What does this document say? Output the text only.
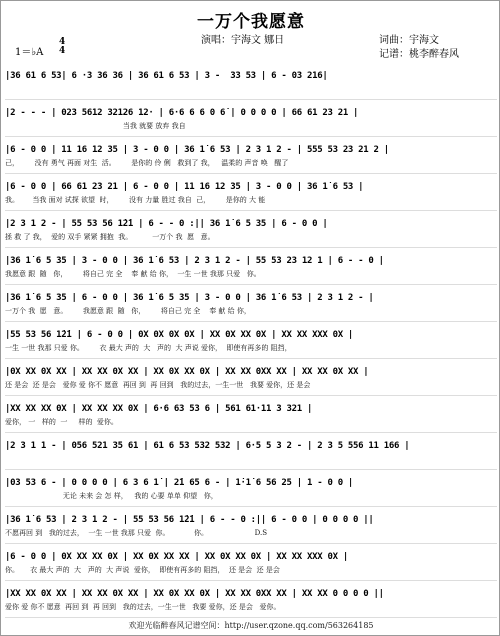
一万个我愿意
演唱：宇海文 娜日	词曲：宇海文
记谱：桃李醉春风
1＝♭A
4
4
|36 61 6 53| 6 ·3 36 36 | 36 61 6 53 | 3 -  33 53 | 6 - 03 216|
|2 - - - | 023 5612 32126 12· | 6·6 6 6 0 6̇ | 0 0 0 0 | 66 61 23 21 |
当我 就要 放弃 我自
|6 - 0 0 | 11 16 12 35 | 3 - 0 0 | 36 1̇ 6 53 | 2 3 1 2 - | 555 53 23 21 2 |
己，       没有 勇气 再面 对生  活。       是你的 伶 俐   救到了 我，   温柔的 声音 唤   醒了
|6 - 0 0 | 66 61 23 21 | 6 - 0 0 | 11 16 12 35 | 3 - 0 0 | 36 1̇ 6 53 |
我。      当我 面对 试探 欲望  时，       没有 力量 胜过 我自  己，       是你的 大 能
|2 3 1 2 - | 55 53 56 1̇2̇1 | 6 - - 0 :|| 36 1̇ 6 5 35 | 6 - 0 0 |
拯 救 了 我，  爱的 双手 紧紧 拥抱  我。         一万个 我  愿   意。
|36 1̇ 6 5 35 | 3 - 0 0 | 36 1̇ 6 53 | 2 3 1 2 - | 55 53 23 12 1 | 6 - - 0 |
我愿意 跟  随   你，       将自己 完 全    奉 献 给 你，  一生 一世 我那 只爱   你。
|36 1̇ 6 5 35 | 6 - 0 0 | 36 1̇ 6 5 35 | 3 - 0 0 | 36 1̇ 6 53 | 2 3 1 2 - |
一万个 我  愿   意。       我愿意 跟  随   你，       将自己 完 全    奉 献 给 你，
|55 53 56 1̇2̇1 | 6 - 0 0 | 0X 0X 0X 0X | XX 0X XX 0X | XX XX XXX 0X |
一生 一世 我那 只爱 你。       衣 最大 声的  大   声的  大 声说 爱你，  即使有再多的 阻挡，
|0X XX 0X XX | XX XX 0X XX | XX 0X XX 0X | XX XX 0XX XX | XX XX 0X XX |
还 是会  还 是会   爱你 爱 你不 愿意  再回 到  再 回到   我的过去，一生一世   我要 爱你，还 是会
|XX XX XX 0X | XX XX XX 0X | 6·6 63 53 6 | 561 61·11 3 321 |
爱你， 一   样的  一     样的  爱你。
|2 3 1 1 - | 056 521 35 61 | 61 6 53 532 532 | 6·5 5 3 2 - | 2 3 5 556 11 166 |
|03 53 6 - | 0 0 0 0 | 6 3 6 1̇ | 2̇1 65 6 - | 1̇·1̇ 6 56 25 | 1 - 0 0 |
无论 未来 会 怎 样，   我的 心要 单单 仰望   你，
|36 1̇ 6 53 | 2 3 1 2 - | 55 53 56 1̇2̇1 | 6 - - 0 :|| 6 - 0 0 | 0 0 0 0 ||
不愿再回 到   我的过去，  一生 一世 我那 只爱  你。           你。                     D.S
|6 - 0 0 | 0X XX XX 0X | XX 0X XX XX | XX 0X XX 0X | XX XX XXX 0X |
你。     衣 最大 声的  大   声的  大 声说  爱你，  即使有再多的 阻挡，  还 是会  还 是会
|XX XX 0X XX | XX XX 0X XX | XX 0X XX 0X | XX XX 0XX XX | XX XX 0 0 0 0 ||
爱你 爱 你不 愿意  再回 到  再 回到   我的过去，一生一世   我要 爱你，还 是会   爱你。
欢迎光临醉春风记谱空间：http://user.qzone.qq.com/563264185
